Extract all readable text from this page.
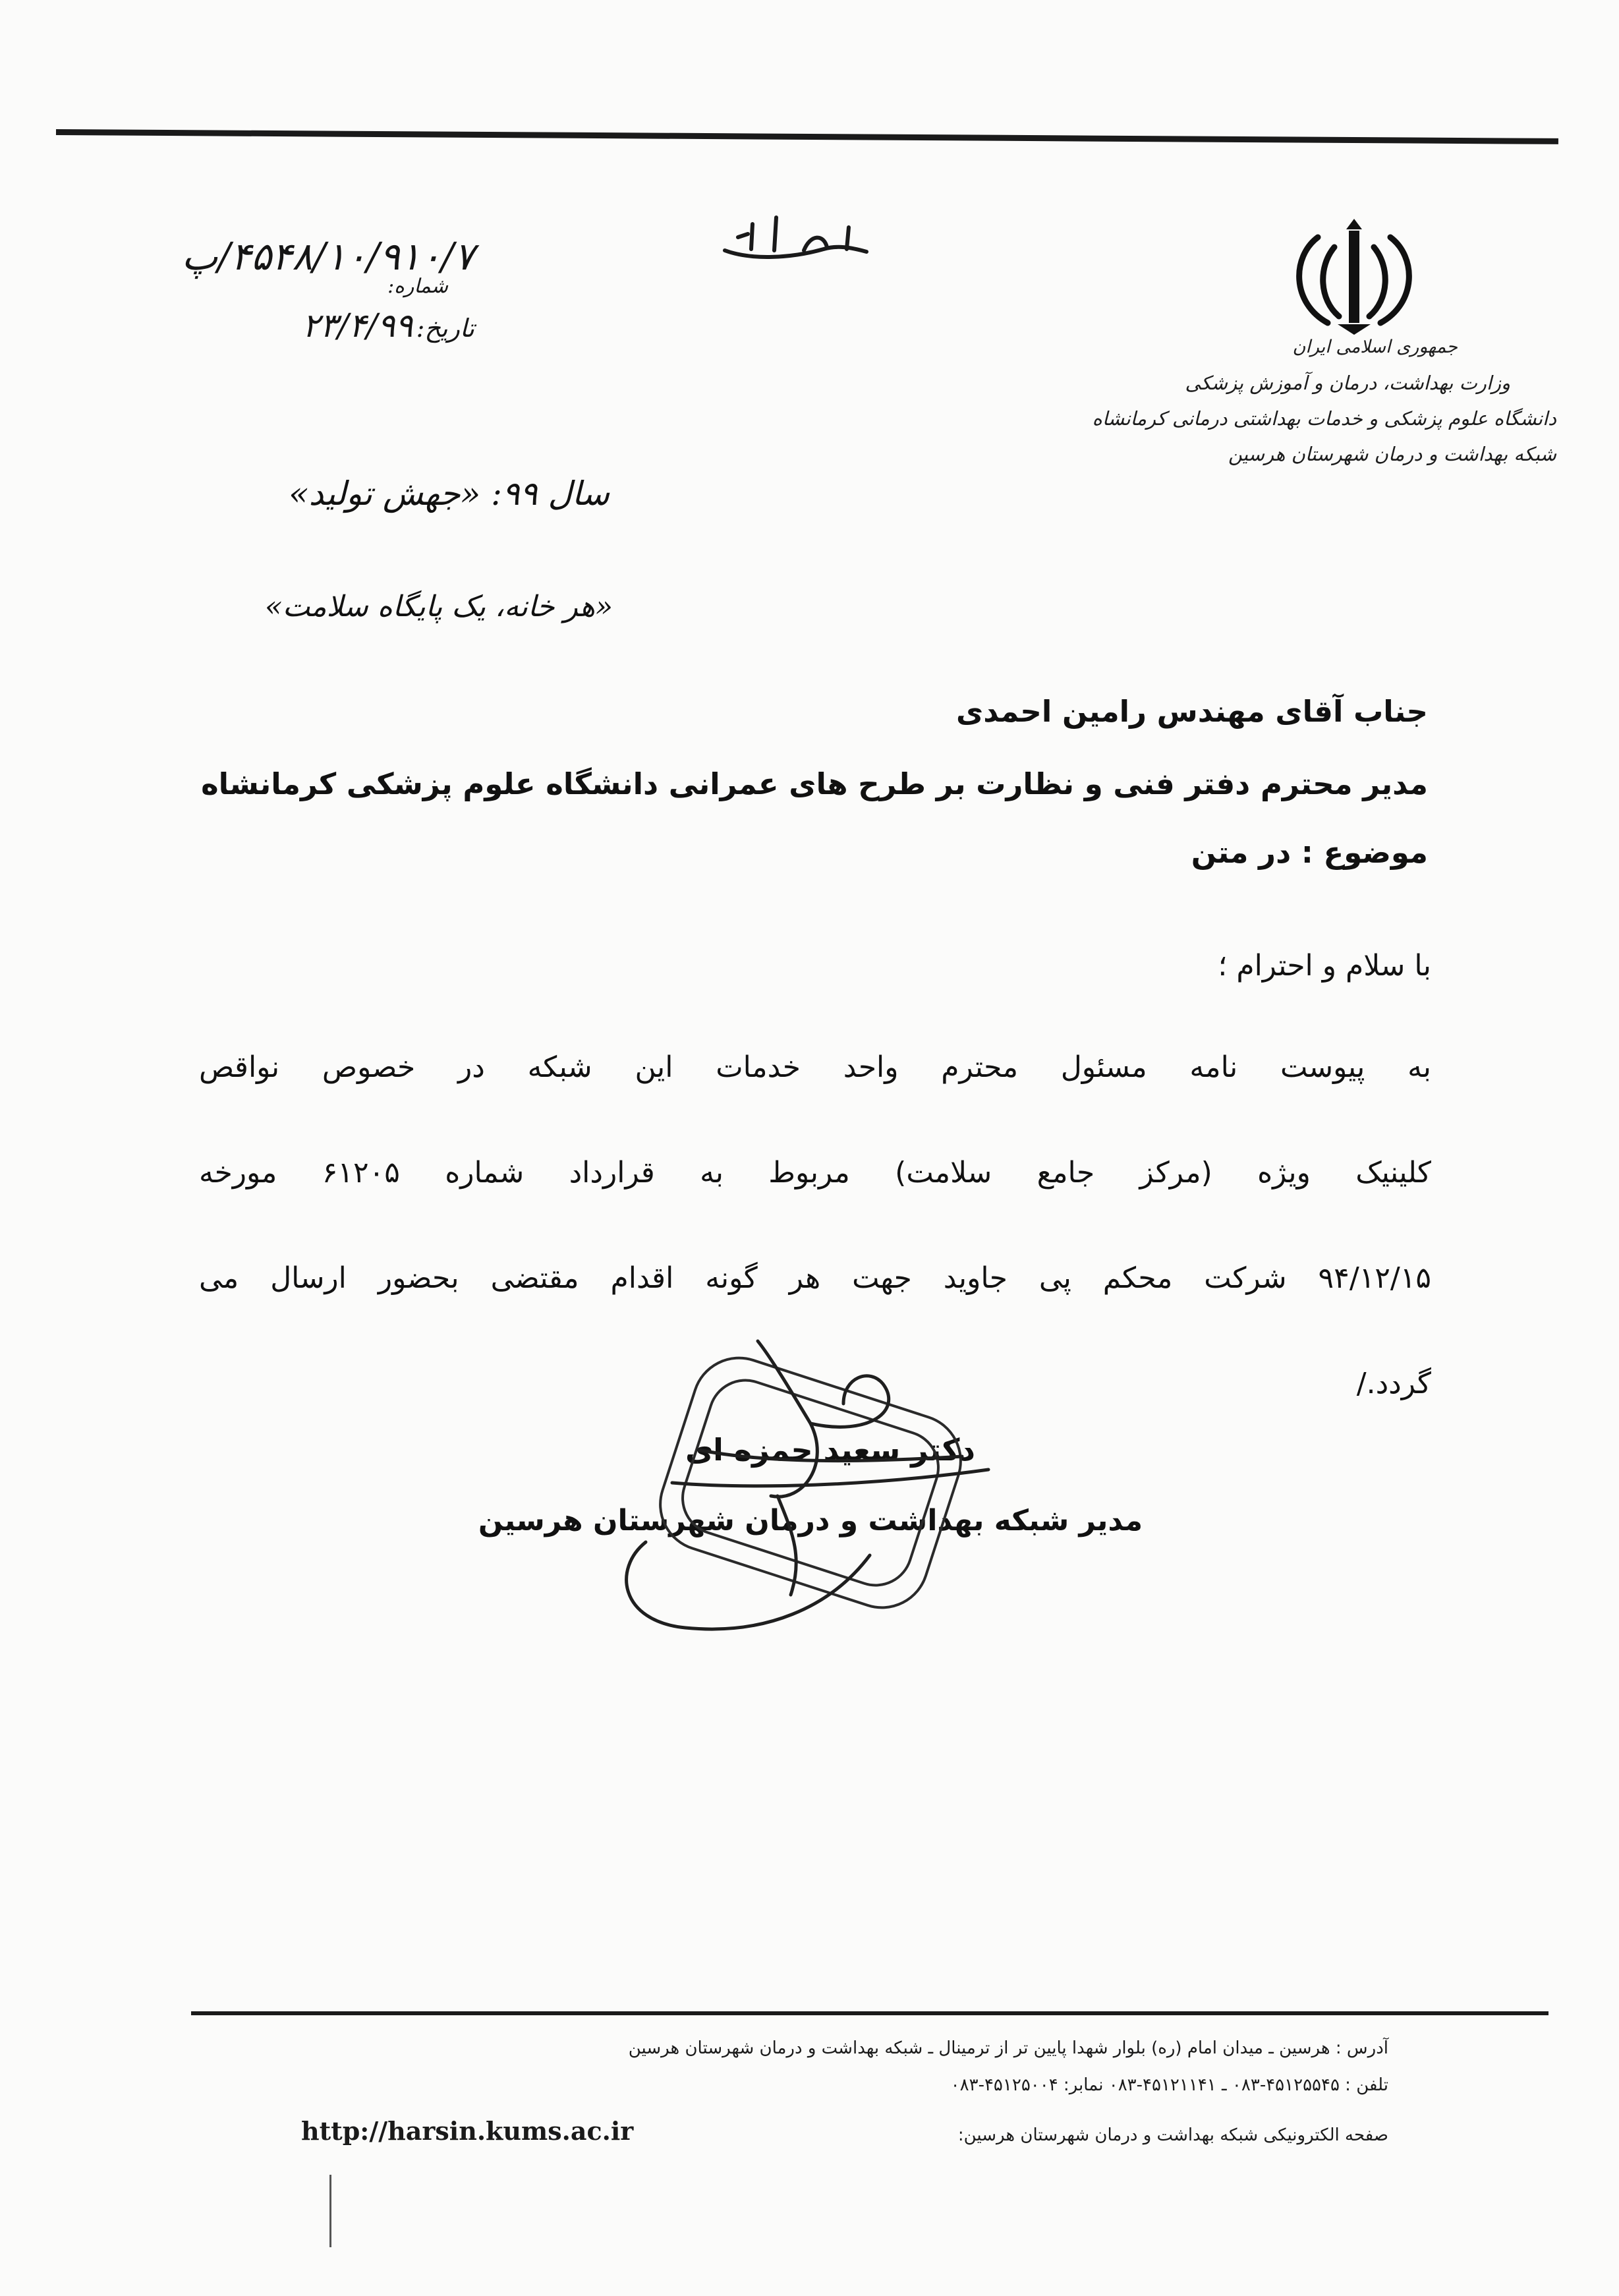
جمهوری اسلامی ایران
وزارت بهداشت، درمان و آموزش پزشکی
دانشگاه علوم پزشکی و خدمات بهداشتی درمانی کرمانشاه
شبکه بهداشت و درمان شهرستان هرسین
۴۵۴۸/۱۰/۹۱۰/۷/پ
شماره:
تاریخ: ۲۳/۴/۹۹
سال ۹۹: «جهش تولید»
«هر خانه، یک پایگاه سلامت»
جناب آقای مهندس رامین احمدی
مدیر محترم دفتر فنی و نظارت بر طرح های عمرانی دانشگاه علوم پزشکی کرمانشاه
موضوع : در متن
با سلام و احترام ؛
به پیوست نامه مسئول محترم واحد خدمات این شبکه در خصوص نواقص
کلینیک ویژه (مرکز جامع سلامت) مربوط به قرارداد شماره ۶۱۲۰۵ مورخه
۹۴/۱۲/۱۵ شرکت محکم پی جاوید جهت هر گونه اقدام مقتضی بحضور ارسال می
گردد./
دکتر سعید حمزه ای
مدیر شبکه بهداشت و درمان شهرستان هرسین
آدرس : هرسین ـ میدان امام (ره) بلوار شهدا پایین تر از ترمینال ـ شبکه بهداشت و درمان شهرستان هرسین
تلفن : ۴۵۱۲۵۵۴۵-۰۸۳ ـ ۴۵۱۲۱۱۴۱-۰۸۳ نمابر: ۴۵۱۲۵۰۰۴-۰۸۳
صفحه الکترونیکی شبکه بهداشت و درمان شهرستان هرسین:
http://harsin.kums.ac.ir
